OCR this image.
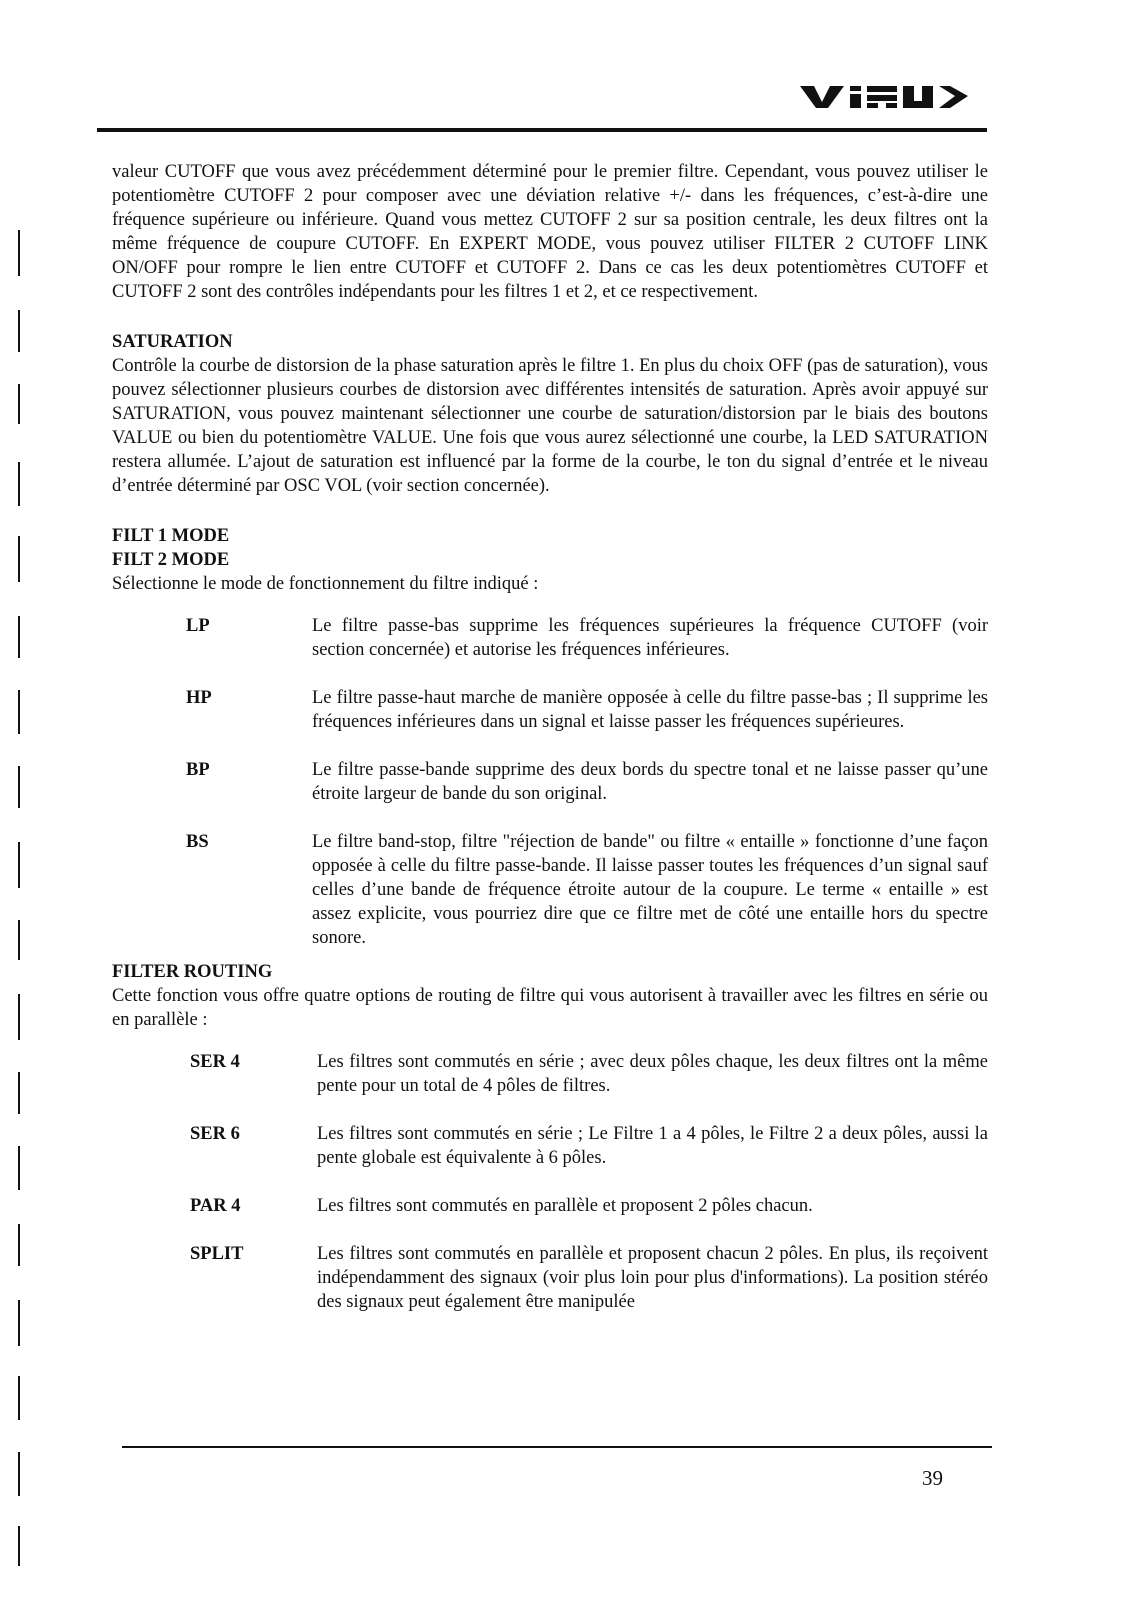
valeur CUTOFF que vous avez précédemment déterminé pour le premier filtre. Cependant, vous pouvez utiliser le potentiomètre CUTOFF 2 pour composer avec une déviation relative +/- dans les fréquences, c’est-à-dire une fréquence supérieure ou inférieure. Quand vous mettez CUTOFF 2 sur sa position centrale, les deux filtres ont la même fréquence de coupure CUTOFF. En EXPERT MODE, vous pouvez utiliser FILTER 2 CUTOFF LINK ON/OFF pour rompre le lien entre CUTOFF et CUTOFF 2. Dans ce cas les deux potentiomètres CUTOFF et CUTOFF 2 sont des contrôles indépendants pour les filtres 1 et 2, et ce respectivement.

SATURATION

Contrôle la courbe de distorsion de la phase saturation après le filtre 1. En plus du choix OFF (pas de saturation), vous pouvez sélectionner plusieurs courbes de distorsion avec différentes intensités de saturation. Après avoir appuyé sur SATURATION, vous pouvez maintenant sélectionner une courbe de saturation/distorsion par le biais des boutons VALUE ou bien du potentiomètre VALUE. Une fois que vous aurez sélectionné une courbe, la LED SATURATION restera allumée. L’ajout de saturation est influencé par la forme de la courbe, le ton du signal d’entrée et le niveau d’entrée déterminé par OSC VOL (voir section concernée).

FILT 1 MODE
FILT 2 MODE

Sélectionne le mode de fonctionnement du filtre indiqué :

LP	Le filtre passe-bas supprime les fréquences supérieures la fréquence CUTOFF (voir section concernée) et autorise les fréquences inférieures.
HP	Le filtre passe-haut marche de manière opposée à celle du filtre passe-bas ; Il supprime les fréquences inférieures dans un signal et laisse passer les fréquences supérieures.
BP	Le filtre passe-bande supprime des deux bords du spectre tonal et ne laisse passer qu’une étroite largeur de bande du son original.
BS	Le filtre band-stop, filtre "réjection de bande" ou filtre « entaille » fonctionne d’une façon opposée à celle du filtre passe-bande. Il laisse passer toutes les fréquences d’un signal sauf celles d’une bande de fréquence étroite autour de la coupure. Le terme « entaille » est assez explicite, vous pourriez dire que ce filtre met de côté une entaille hors du spectre sonore.
FILTER ROUTING

Cette fonction vous offre quatre options de routing de filtre qui vous autorisent à travailler avec les filtres en série ou en parallèle :

SER 4	Les filtres sont commutés en série ; avec deux pôles chaque, les deux filtres ont la même pente pour un total de 4 pôles de filtres.
SER 6	Les filtres sont commutés en série ; Le Filtre 1 a 4 pôles, le Filtre 2 a deux pôles, aussi la pente globale est équivalente à 6 pôles.
PAR 4	Les filtres sont commutés en parallèle et proposent 2 pôles chacun.
SPLIT	Les filtres sont commutés en parallèle et proposent chacun 2 pôles. En plus, ils reçoivent indépendamment des signaux (voir plus loin pour plus d'informations). La position stéréo des signaux peut également être manipulée
39
